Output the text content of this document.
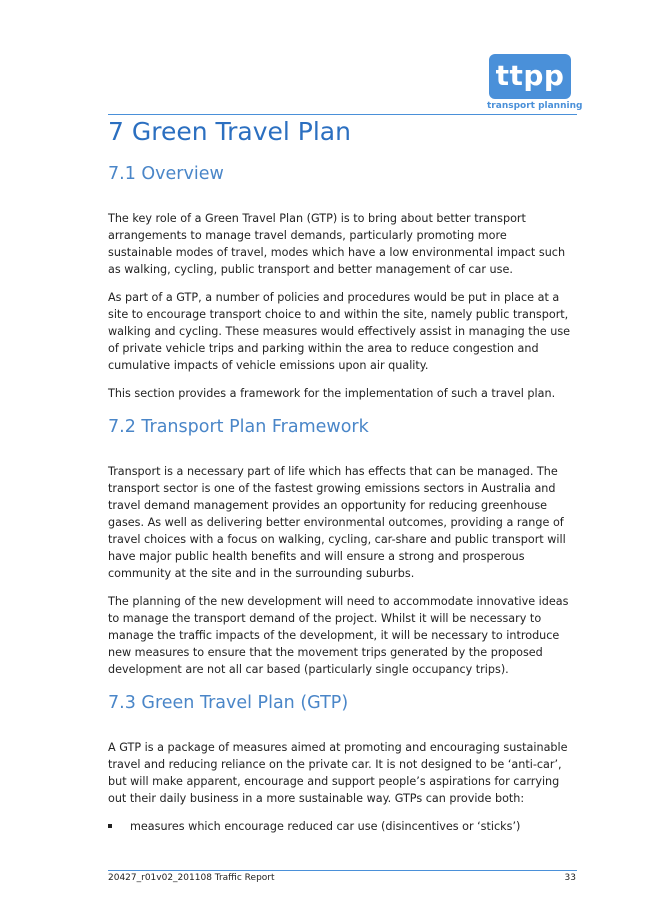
ttpp
transport planning
7 Green Travel Plan
7.1 Overview

The key role of a Green Travel Plan (GTP) is to bring about better transport arrangements to manage travel demands, particularly promoting more sustainable modes of travel, modes which have a low environmental impact such as walking, cycling, public transport and better management of car use.

As part of a GTP, a number of policies and procedures would be put in place at a site to encourage transport choice to and within the site, namely public transport, walking and cycling. These measures would effectively assist in managing the use of private vehicle trips and parking within the area to reduce congestion and cumulative impacts of vehicle emissions upon air quality.

This section provides a framework for the implementation of such a travel plan.

7.2 Transport Plan Framework

Transport is a necessary part of life which has effects that can be managed. The transport sector is one of the fastest growing emissions sectors in Australia and travel demand management provides an opportunity for reducing greenhouse gases. As well as delivering better environmental outcomes, providing a range of travel choices with a focus on walking, cycling, car-share and public transport will have major public health benefits and will ensure a strong and prosperous community at the site and in the surrounding suburbs.

The planning of the new development will need to accommodate innovative ideas to manage the transport demand of the project. Whilst it will be necessary to manage the traffic impacts of the development, it will be necessary to introduce new measures to ensure that the movement trips generated by the proposed development are not all car based (particularly single occupancy trips).

7.3 Green Travel Plan (GTP)

A GTP is a package of measures aimed at promoting and encouraging sustainable travel and reducing reliance on the private car. It is not designed to be ‘anti-car’, but will make apparent, encourage and support people’s aspirations for carrying out their daily business in a more sustainable way. GTPs can provide both:

measures which encourage reduced car use (disincentives or ‘sticks’)
20427_r01v02_201108 Traffic Report	33
